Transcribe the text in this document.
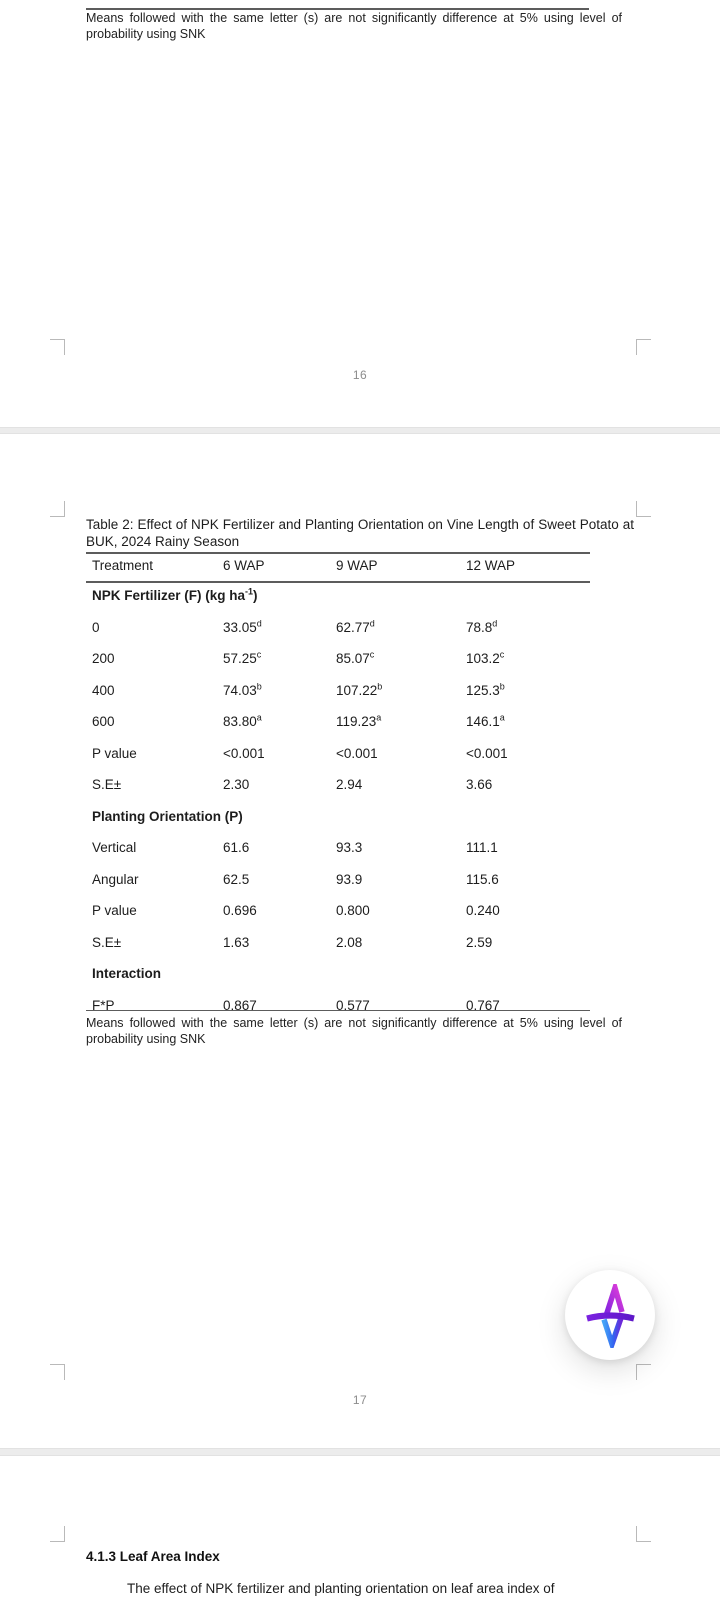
Means followed with the same letter (s) are not significantly difference at 5% using level of probability using SNK
16
Table 2: Effect of NPK Fertilizer and Planting Orientation on Vine Length of Sweet Potato at BUK, 2024 Rainy Season
Treatment	6 WAP	9 WAP	12 WAP
NPK Fertilizer (F) (kg $ha^{-1}$)
0	33.05$^d$	62.77$^d$	78.8$^d$
200	57.25$^c$	85.07$^c$	103.2$^c$
400	74.03$^b$	107.22$^b$	125.3$^b$
600	83.80$^a$	119.23$^a$	146.1$^a$
P value	<0.001	<0.001	<0.001
S.E±	2.30	2.94	3.66
Planting Orientation (P)
Vertical	61.6	93.3	111.1
Angular	62.5	93.9	115.6
P value	0.696	0.800	0.240
S.E±	1.63	2.08	2.59
Interaction
F*P	0.867	0.577	0.767
Means followed with the same letter (s) are not significantly difference at 5% using level of probability using SNK
17
4.1.3 Leaf Area Index
The effect of NPK fertilizer and planting orientation on leaf area index of
